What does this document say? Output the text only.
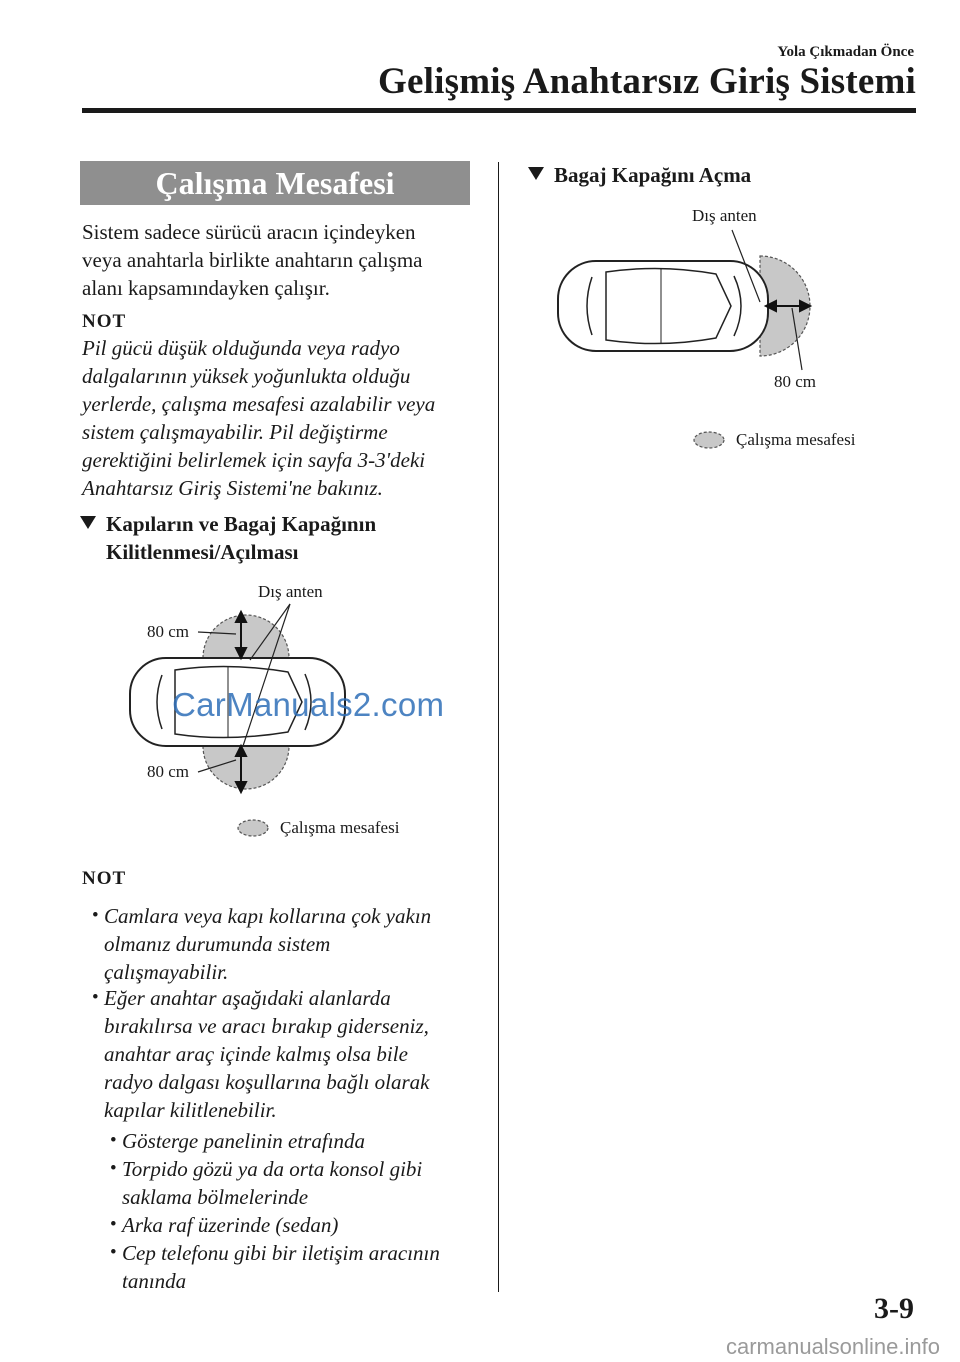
Yola Çıkmadan Önce
Gelişmiş Anahtarsız Giriş Sistemi
Çalışma Mesafesi
Sistem sadece sürücü aracın içindeyken
veya anahtarla birlikte anahtarın çalışma
alanı kapsamındayken çalışır.
NOT
Pil gücü düşük olduğunda veya radyo
dalgalarının yüksek yoğunlukta olduğu
yerlerde, çalışma mesafesi azalabilir veya
sistem çalışmayabilir. Pil değiştirme
gerektiğini belirlemek için sayfa 3-3'deki
Anahtarsız Giriş Sistemi'ne bakınız.
Kapıların ve Bagaj Kapağının
Kilitlenmesi/Açılması
Dış anten
80 cm
80 cm
Çalışma mesafesi
NOT
• Camlara veya kapı kollarına çok yakın
olmanız durumunda sistem
çalışmayabilir.
• Eğer anahtar aşağıdaki alanlarda
bırakılırsa ve aracı bırakıp giderseniz,
anahtar araç içinde kalmış olsa bile
radyo dalgası koşullarına bağlı olarak
kapılar kilitlenebilir.
• Gösterge panelinin etrafında
• Torpido gözü ya da orta konsol gibi
saklama bölmelerinde
• Arka raf üzerinde (sedan)
• Cep telefonu gibi bir iletişim aracının
tanında
Bagaj Kapağını Açma
Dış anten
80 cm
Çalışma mesafesi
3-9
CarManuals2.com
carmanualsonline.info
